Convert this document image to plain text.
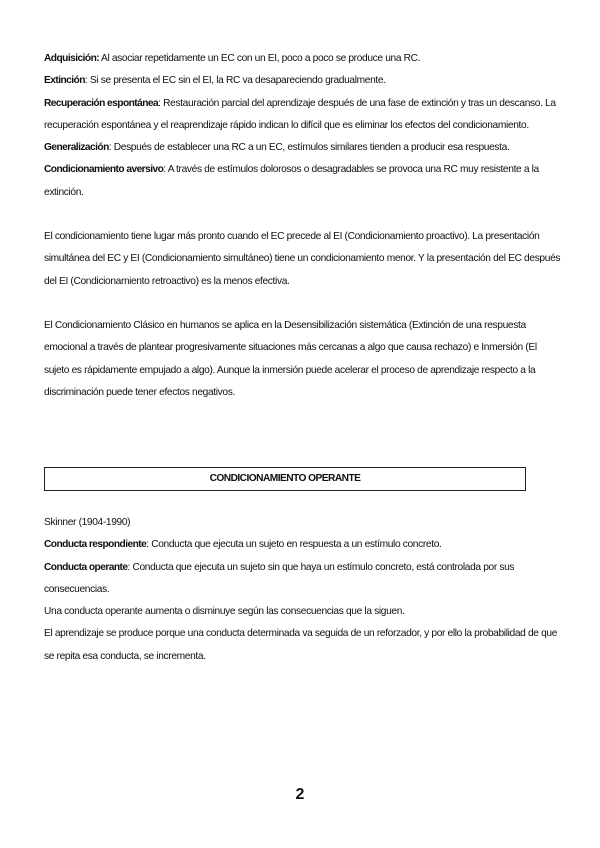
Adquisición: Al asociar repetidamente un EC con un EI, poco a poco se produce una RC.

Extinción: Si se presenta el EC sin el EI, la RC va desapareciendo gradualmente.

Recuperación espontánea: Restauración parcial del aprendizaje después de una fase de extinción y tras un descanso. La recuperación espontánea y el reaprendizaje rápido indican lo difícil que es eliminar los efectos del condicionamiento.

Generalización: Después de establecer una RC a un EC, estímulos similares tienden a producir esa respuesta.

Condicionamiento aversivo: A través de estímulos dolorosos o desagradables se provoca una RC muy resistente a la extinción.

El condicionamiento tiene lugar más pronto cuando el EC precede al EI (Condicionamiento proactivo). La presentación simultánea del EC y EI (Condicionamiento simultáneo) tiene un condicionamiento menor. Y la presentación del EC después del EI (Condicionamiento retroactivo) es la menos efectiva.

El Condicionamiento Clásico en humanos se aplica en la Desensibilización sistemática (Extinción de una respuesta emocional a través de plantear progresivamente situaciones más cercanas a algo que causa rechazo) e Inmersión (El sujeto es rápidamente empujado a algo). Aunque la inmersión puede acelerar el proceso de aprendizaje respecto a la discriminación puede tener efectos negativos.

CONDICIONAMIENTO OPERANTE

Skinner (1904-1990)

Conducta respondiente: Conducta que ejecuta un sujeto en respuesta a un estímulo concreto.

Conducta operante: Conducta que ejecuta un sujeto sin que haya un estímulo concreto, está controlada por sus consecuencias.

Una conducta operante aumenta o disminuye según las consecuencias que la siguen.

El aprendizaje se produce porque una conducta determinada va seguida de un reforzador, y por ello la probabilidad de que se repita esa conducta, se incrementa.

2
